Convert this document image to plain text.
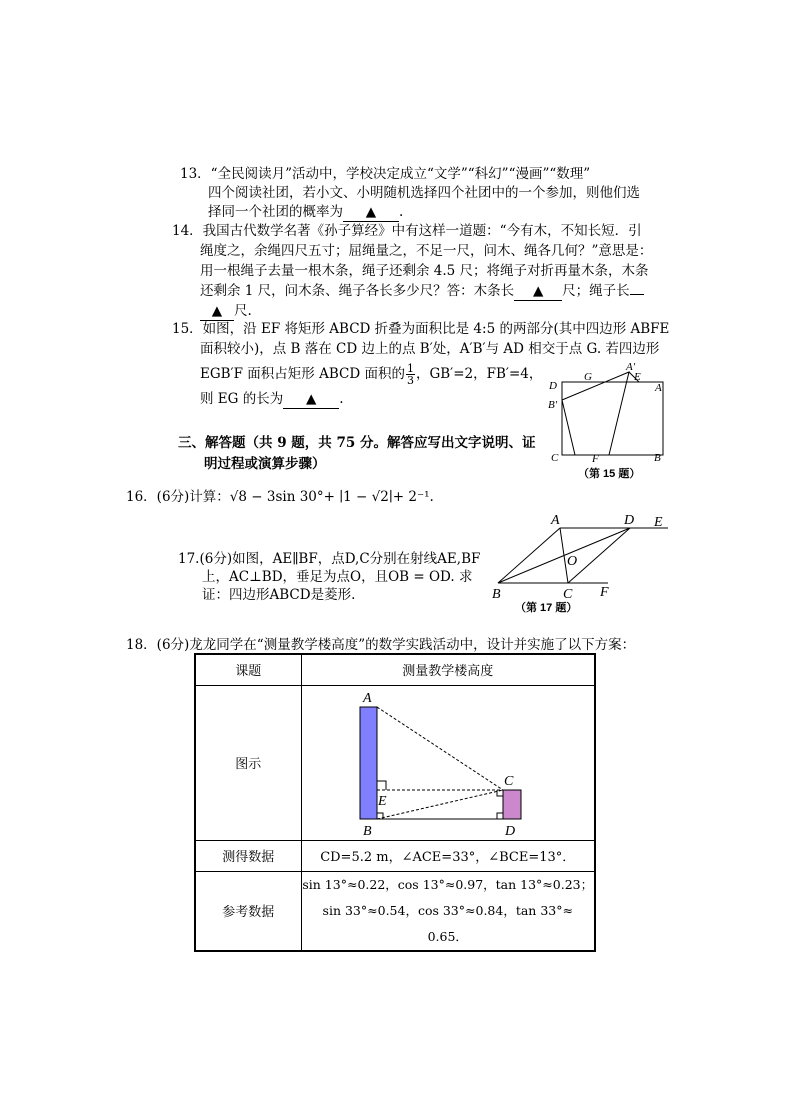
13．“全民阅读月”活动中，学校决定成立“文学”“科幻”“漫画”“数理”
四个阅读社团，若小文、小明随机选择四个社团中的一个参加，则他们选
择同一个社团的概率为 ▲ .
14．我国古代数学名著《孙子算经》中有这样一道题：“今有木，不知长短．引
绳度之，余绳四尺五寸；屈绳量之，不足一尺，问木、绳各几何？”意思是：
用一根绳子去量一根木条，绳子还剩余 4.5 尺；将绳子对折再量木条，木条
还剩余 1 尺，问木条、绳子各长多少尺？答：木条长 ▲ 尺；绳子长
▲ 尺.
15．如图，沿 EF 将矩形 ABCD 折叠为面积比是 4:5 的两部分(其中四边形 ABFE
面积较小)，点 B 落在 CD 边上的点 B′处，A′B′与 AD 相交于点 G. 若四边形
EGB′F 面积占矩形 ABCD 面积的 $\frac{1}{3}$ ，GB′=2，FB′=4，
则 EG 的长为 ▲ .
D
G
A′
E
A
B′
C	F	B
（第 15 题）
三、解答题（共 9 题，共 75 分。解答应写出文字说明、证
明过程或演算步骤）
16．(6分)计算：√8 − 3sin 30°+ ∣1 − √2∣+ 2⁻¹.
17.(6分)如图，AE∥BF，点D,C分别在射线AE,BF
上，AC⊥BD，垂足为点O，且OB = OD. 求
证：四边形ABCD是菱形.
A	D E
O
B	C F
（第 17 题）
18．(6分)龙龙同学在“测量教学楼高度”的数学实践活动中，设计并实施了以下方案：
课题	测量教学楼高度
图示	A
E
B
C
D

测得数据	CD=5.2 m，∠ACE=33°，∠BCE=13°．
参考数据	sin 13°≈0.22，cos 13°≈0.97，tan 13°≈0.23；
sin 33°≈0.54，cos 33°≈0.84，tan 33°≈
0.65．
